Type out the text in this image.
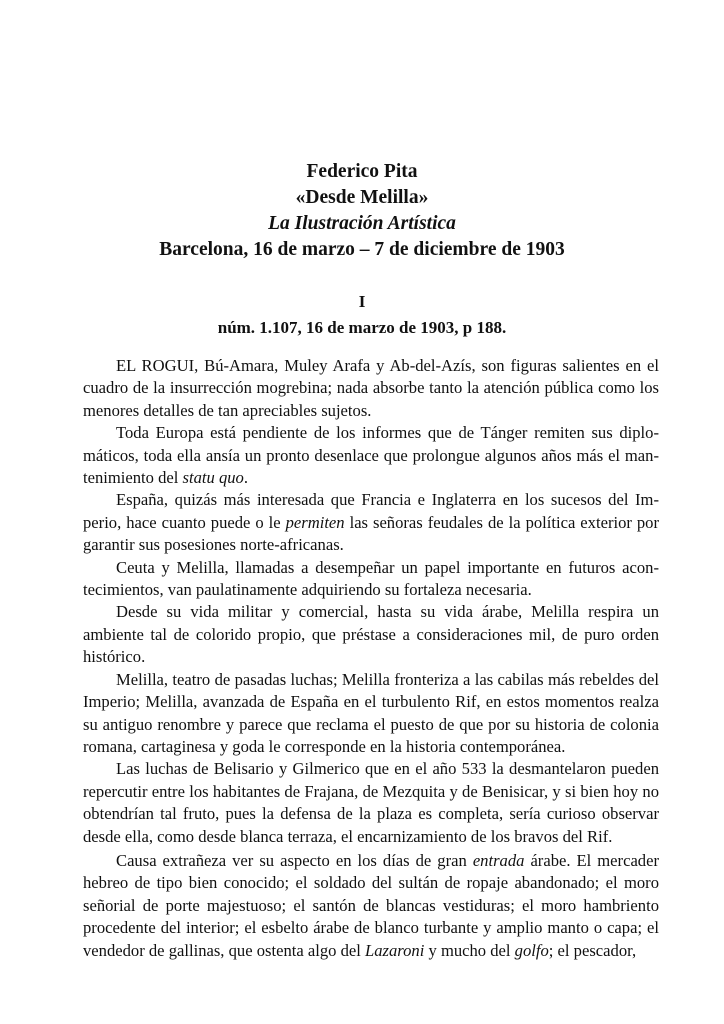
Federico Pita
«Desde Melilla»
La Ilustración Artística
Barcelona, 16 de marzo – 7 de diciembre de 1903
I
núm. 1.107, 16 de marzo de 1903, p 188.

EL ROGUI, Bú-Amara, Muley Arafa y Ab-del-Azís, son figuras salientes en el cuadro de la insurrección mogrebina; nada absorbe tanto la atención pública como los menores detalles de tan apreciables sujetos.

Toda Europa está pendiente de los informes que de Tánger remiten sus diplomáticos, toda ella ansía un pronto desenlace que prolongue algunos años más el mantenimiento del statu quo.

España, quizás más interesada que Francia e Inglaterra en los sucesos del Imperio, hace cuanto puede o le permiten las señoras feudales de la política exterior por garantir sus posesiones norte-africanas.

Ceuta y Melilla, llamadas a desempeñar un papel importante en futuros acontecimientos, van paulatinamente adquiriendo su fortaleza necesaria.

Desde su vida militar y comercial, hasta su vida árabe, Melilla respira un ambiente tal de colorido propio, que préstase a consideraciones mil, de puro orden histórico.

Melilla, teatro de pasadas luchas; Melilla fronteriza a las cabilas más rebeldes del Imperio; Melilla, avanzada de España en el turbulento Rif, en estos momentos realza su antiguo renombre y parece que reclama el puesto de que por su historia de colonia romana, cartaginesa y goda le corresponde en la historia contemporánea.

Las luchas de Belisario y Gilmerico que en el año 533 la desmantelaron pueden repercutir entre los habitantes de Frajana, de Mezquita y de Benisicar, y si bien hoy no obtendrían tal fruto, pues la defensa de la plaza es completa, sería curioso observar desde ella, como desde blanca terraza, el encarnizamiento de los bravos del Rif.

Causa extrañeza ver su aspecto en los días de gran entrada árabe. El mercader hebreo de tipo bien conocido; el soldado del sultán de ropaje abandonado; el moro señorial de porte majestuoso; el santón de blancas vestiduras; el moro hambriento procedente del interior; el esbelto árabe de blanco turbante y amplio manto o capa; el vendedor de gallinas, que ostenta algo del Lazaroni y mucho del golfo; el pescador,
